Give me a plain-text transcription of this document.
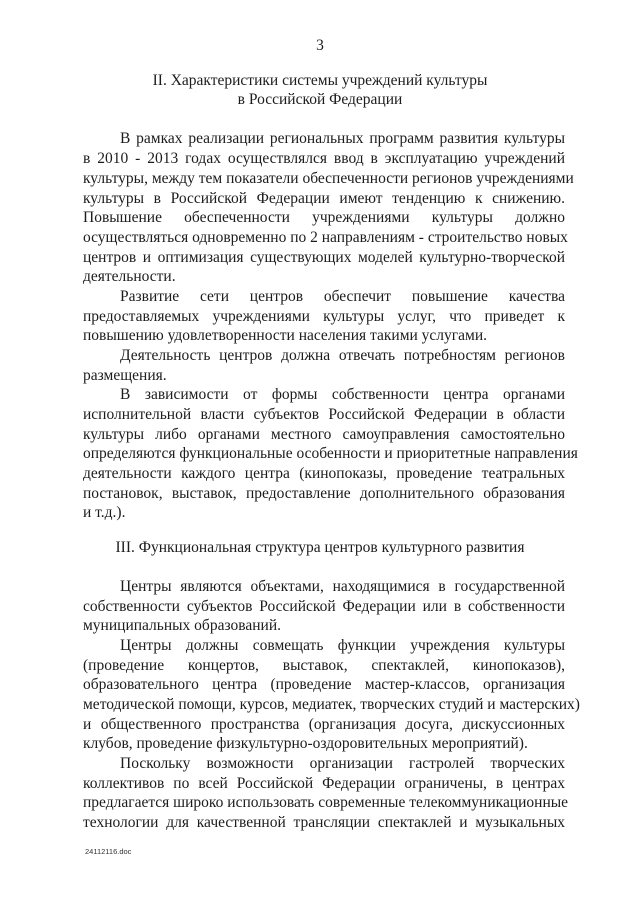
3
II. Характеристики системы учреждений культуры
в Российской Федерации
В рамках реализации региональных программ развития культуры
в 2010 - 2013 годах осуществлялся ввод в эксплуатацию учреждений
культуры, между тем показатели обеспеченности регионов учреждениями
культуры в Российской Федерации имеют тенденцию к снижению.
Повышение обеспеченности учреждениями культуры должно
осуществляться одновременно по 2 направлениям - строительство новых
центров и оптимизация существующих моделей культурно-творческой
деятельности.
Развитие сети центров обеспечит повышение качества
предоставляемых учреждениями культуры услуг, что приведет к
повышению удовлетворенности населения такими услугами.
Деятельность центров должна отвечать потребностям регионов
размещения.
В зависимости от формы собственности центра органами
исполнительной власти субъектов Российской Федерации в области
культуры либо органами местного самоуправления самостоятельно
определяются функциональные особенности и приоритетные направления
деятельности каждого центра (кинопоказы, проведение театральных
постановок, выставок, предоставление дополнительного образования
и т.д.).
III. Функциональная структура центров культурного развития
Центры являются объектами, находящимися в государственной
собственности субъектов Российской Федерации или в собственности
муниципальных образований.
Центры должны совмещать функции учреждения культуры
(проведение концертов, выставок, спектаклей, кинопоказов),
образовательного центра (проведение мастер-классов, организация
методической помощи, курсов, медиатек, творческих студий и мастерских)
и общественного пространства (организация досуга, дискуссионных
клубов, проведение физкультурно-оздоровительных мероприятий).
Поскольку возможности организации гастролей творческих
коллективов по всей Российской Федерации ограничены, в центрах
предлагается широко использовать современные телекоммуникационные
технологии для качественной трансляции спектаклей и музыкальных
24112116.doc
